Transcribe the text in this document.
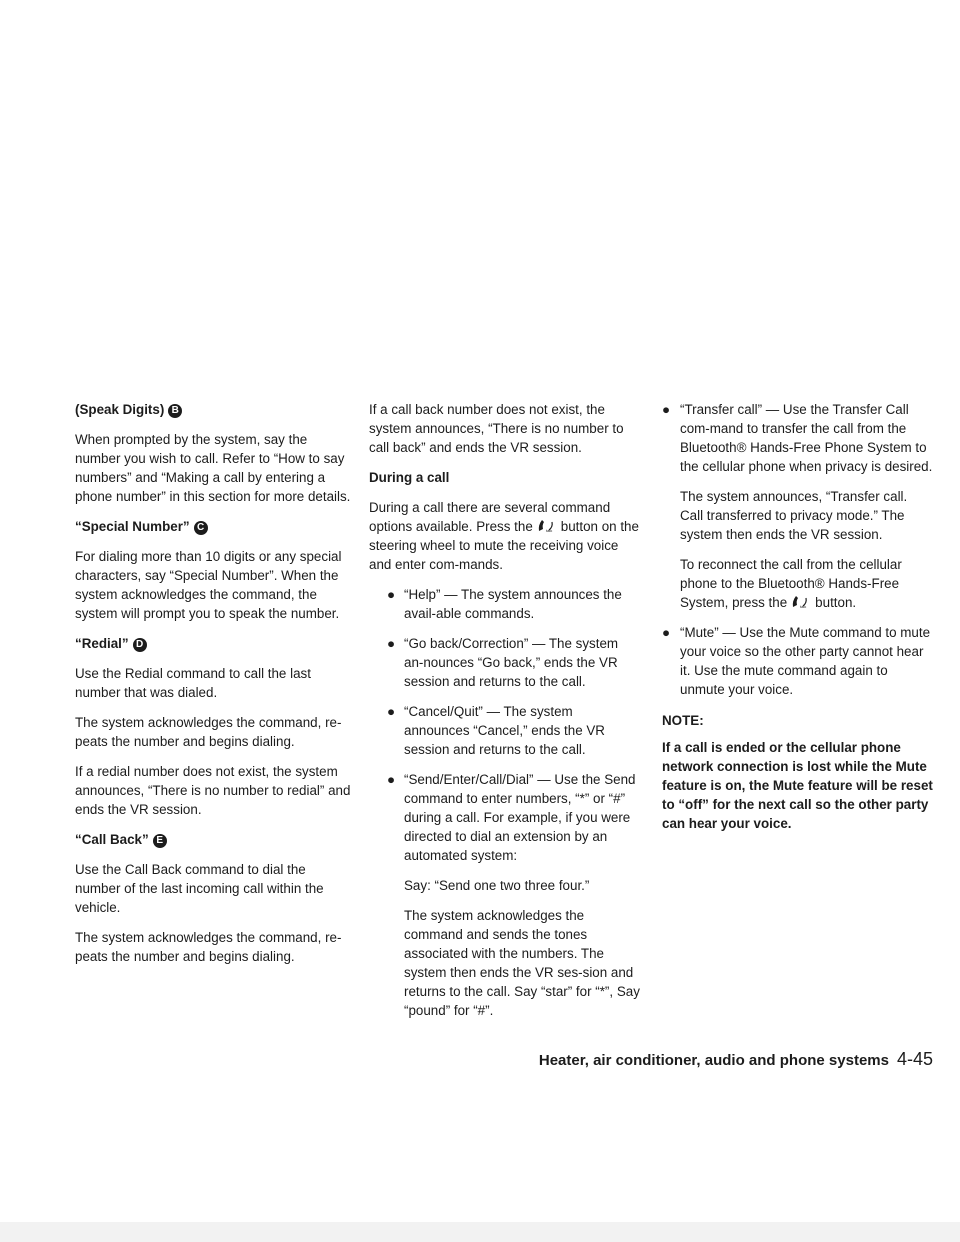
(Speak Digits) B

When prompted by the system, say the number you wish to call. Refer to “How to say numbers” and “Making a call by entering a phone number” in this section for more details.

“Special Number” C

For dialing more than 10 digits or any special characters, say “Special Number”. When the system acknowledges the command, the system will prompt you to speak the number.

“Redial” D

Use the Redial command to call the last number that was dialed.

The system acknowledges the command, re-peats the number and begins dialing.

If a redial number does not exist, the system announces, “There is no number to redial” and ends the VR session.

“Call Back” E

Use the Call Back command to dial the number of the last incoming call within the vehicle.

The system acknowledges the command, re-peats the number and begins dialing.

If a call back number does not exist, the system announces, “There is no number to call back” and ends the VR session.

During a call

During a call there are several command options available. Press the	talk button on the steering wheel to mute the receiving voice and enter com-mands.

● “Help” — The system announces the avail-able commands.
● “Go back/Correction” — The system an-nounces “Go back,” ends the VR session and returns to the call.
● “Cancel/Quit” — The system announces “Cancel,” ends the VR session and returns to the call.
● “Send/Enter/Call/Dial” — Use the Send command to enter numbers, “*” or “#” during a call. For example, if you were directed to dial an extension by an automated system:
Say: “Send one two three four.”
The system acknowledges the command and sends the tones associated with the numbers. The system then ends the VR ses-sion and returns to the call. Say “star” for “*”, Say “pound” for “#”.
● “Transfer call” — Use the Transfer Call com-mand to transfer the call from the Bluetooth® Hands-Free Phone System to the cellular phone when privacy is desired.
The system announces, “Transfer call. Call transferred to privacy mode.” The system then ends the VR session.
To reconnect the call from the cellular phone to the Bluetooth® Hands-Free System, press the	talk button.
● “Mute” — Use the Mute command to mute your voice so the other party cannot hear it. Use the mute command again to unmute your voice.
NOTE:

If a call is ended or the cellular phone network connection is lost while the Mute feature is on, the Mute feature will be reset to “off” for the next call so the other party can hear your voice.

Heater, air conditioner, audio and phone systems 4-45
